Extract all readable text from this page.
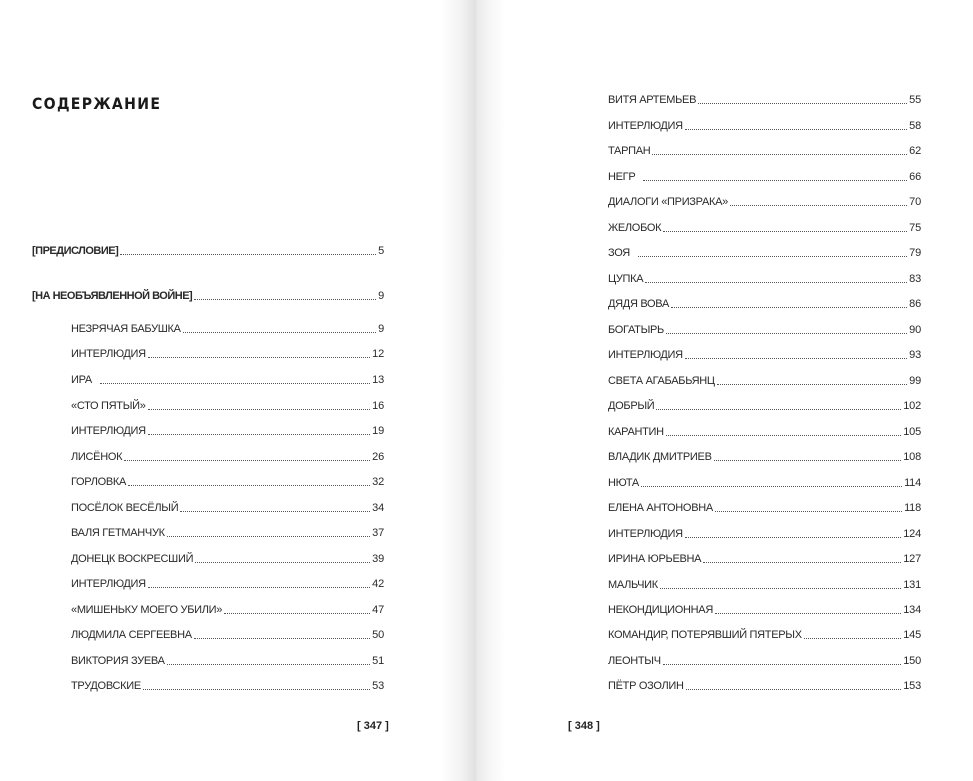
СОДЕРЖАНИЕ
[ПРЕДИСЛОВИЕ]	5
[НА НЕОБЪЯВЛЕННОЙ ВОЙНЕ]	9
НЕЗРЯЧАЯ БАБУШКА	9
ИНТЕРЛЮДИЯ	12
ИРА	13
«СТО ПЯТЫЙ»	16
ИНТЕРЛЮДИЯ	19
ЛИСЁНОК	26
ГОРЛОВКА	32
ПОСЁЛОК ВЕСЁЛЫЙ	34
ВАЛЯ ГЕТМАНЧУК	37
ДОНЕЦК ВОСКРЕСШИЙ	39
ИНТЕРЛЮДИЯ	42
«МИШЕНЬКУ МОЕГО УБИЛИ»	47
ЛЮДМИЛА СЕРГЕЕВНА	50
ВИКТОРИЯ ЗУЕВА	51
ТРУДОВСКИЕ	53
[ 347 ]
ВИТЯ АРТЕМЬЕВ	55
ИНТЕРЛЮДИЯ	58
ТАРПАН	62
НЕГР	66
ДИАЛОГИ «ПРИЗРАКА»	70
ЖЕЛОБОК	75
ЗОЯ	79
ЦУПКА	83
ДЯДЯ ВОВА	86
БОГАТЫРЬ	90
ИНТЕРЛЮДИЯ	93
СВЕТА АГАБАБЬЯНЦ	99
ДОБРЫЙ	102
КАРАНТИН	105
ВЛАДИК ДМИТРИЕВ	108
НЮТА	114
ЕЛЕНА АНТОНОВНА	118
ИНТЕРЛЮДИЯ	124
ИРИНА ЮРЬЕВНА	127
МАЛЬЧИК	131
НЕКОНДИЦИОННАЯ	134
КОМАНДИР, ПОТЕРЯВШИЙ ПЯТЕРЫХ	145
ЛЕОНТЫЧ	150
ПЁТР ОЗОЛИН	153
[ 348 ]
